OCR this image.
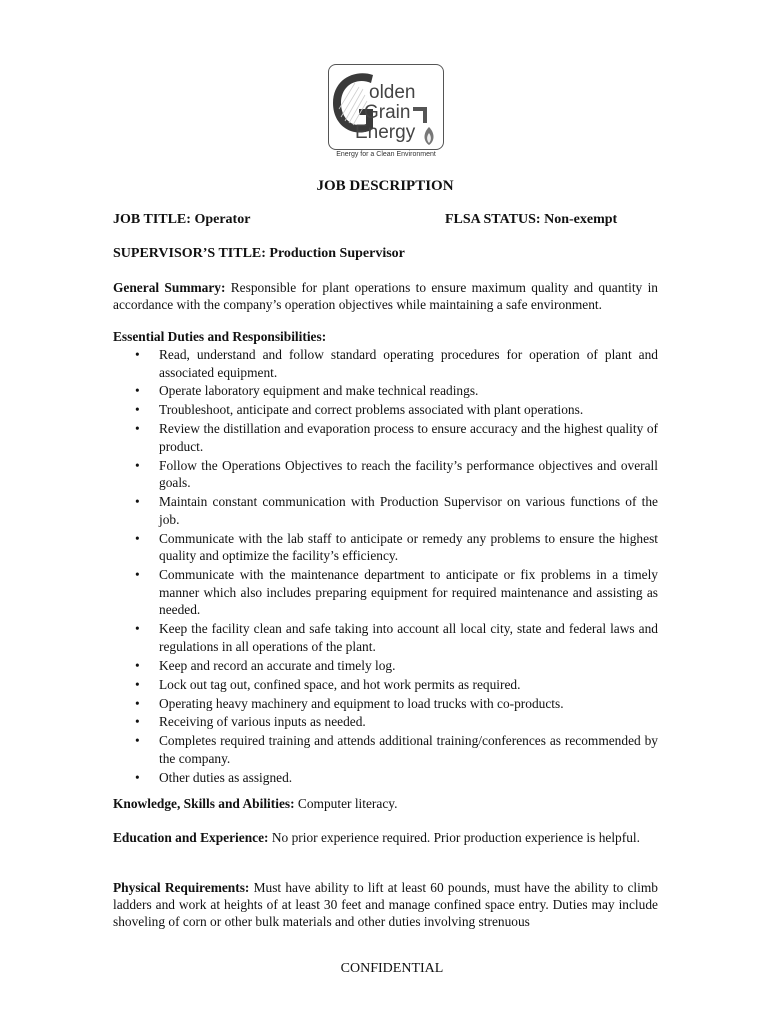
olden
Grain
Energy
Energy for a Clean Environment
JOB DESCRIPTION
JOB TITLE: Operator	FLSA STATUS: Non-exempt
SUPERVISOR’S TITLE: Production Supervisor
General Summary: Responsible for plant operations to ensure maximum quality and quantity in accordance with the company’s operation objectives while maintaining a safe environment.
Essential Duties and Responsibilities:
• Read, understand and follow standard operating procedures for operation of plant and associated equipment.
• Operate laboratory equipment and make technical readings.
• Troubleshoot, anticipate and correct problems associated with plant operations.
• Review the distillation and evaporation process to ensure accuracy and the highest quality of product.
• Follow the Operations Objectives to reach the facility’s performance objectives and overall goals.
• Maintain constant communication with Production Supervisor on various functions of the job.
• Communicate with the lab staff to anticipate or remedy any problems to ensure the highest quality and optimize the facility’s efficiency.
• Communicate with the maintenance department to anticipate or fix problems in a timely manner which also includes preparing equipment for required maintenance and assisting as needed.
• Keep the facility clean and safe taking into account all local city, state and federal laws and regulations in all operations of the plant.
• Keep and record an accurate and timely log.
• Lock out tag out, confined space, and hot work permits as required.
• Operating heavy machinery and equipment to load trucks with co-products.
• Receiving of various inputs as needed.
• Completes required training and attends additional training/conferences as recommended by the company.
• Other duties as assigned.
Knowledge, Skills and Abilities: Computer literacy.
Education and Experience: No prior experience required. Prior production experience is helpful.
Physical Requirements: Must have ability to lift at least 60 pounds, must have the ability to climb ladders and work at heights of at least 30 feet and manage confined space entry. Duties may include shoveling of corn or other bulk materials and other duties involving strenuous
CONFIDENTIAL
